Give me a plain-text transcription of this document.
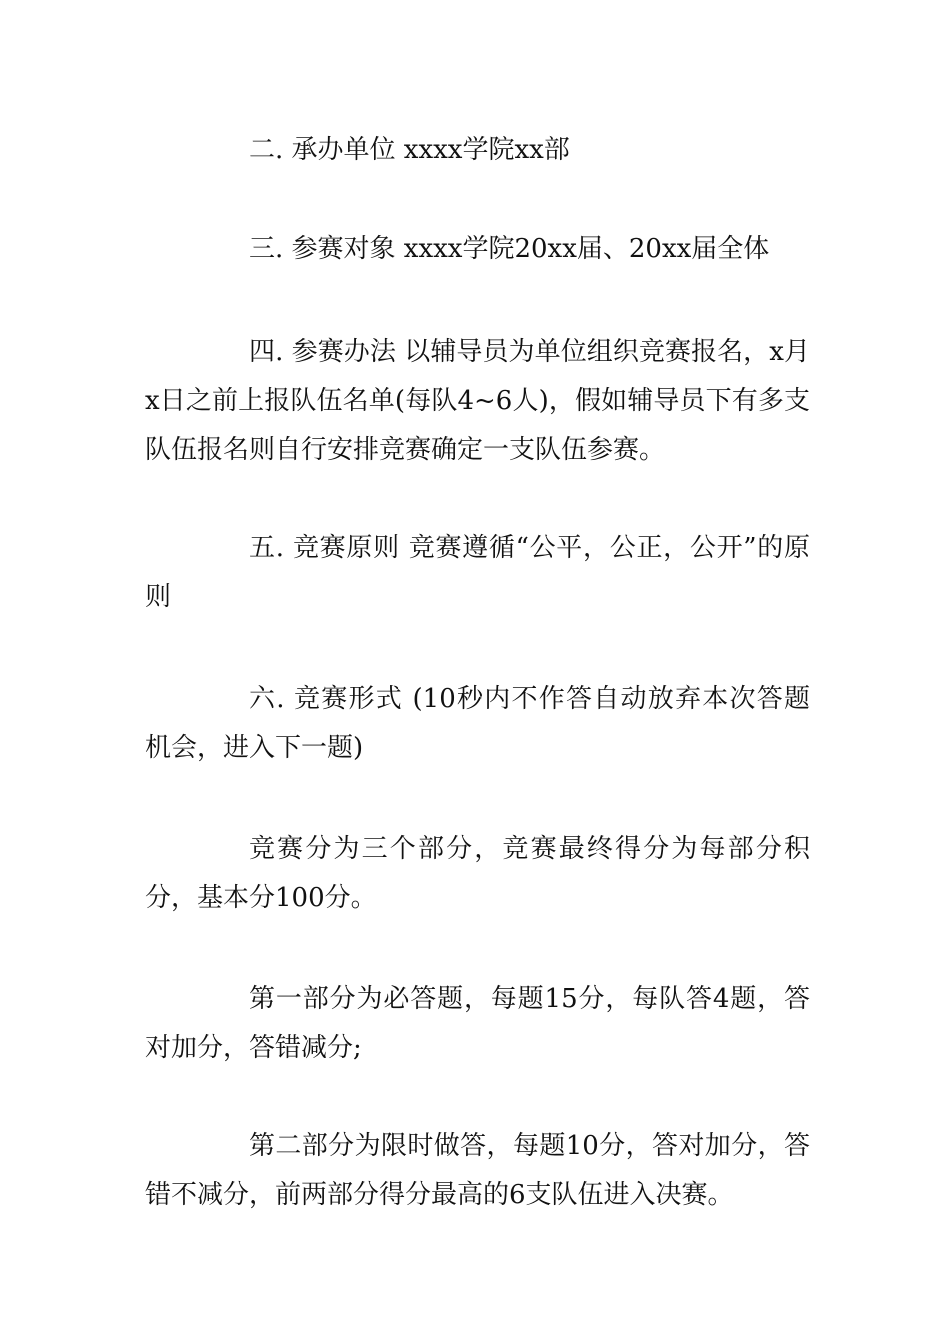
二. 承办单位 xxxx学院xx部

三. 参赛对象 xxxx学院20xx届、20xx届全体

四. 参赛办法 以辅导员为单位组织竞赛报名，x月x日之前上报队伍名单(每队4~6人)，假如辅导员下有多支队伍报名则自行安排竞赛确定一支队伍参赛。

五. 竞赛原则 竞赛遵循“公平，公正，公开”的原则

六. 竞赛形式 (10秒内不作答自动放弃本次答题机会，进入下一题)

竞赛分为三个部分，竞赛最终得分为每部分积分，基本分100分。

第一部分为必答题，每题15分，每队答4题，答对加分，答错减分;

第二部分为限时做答，每题10分，答对加分，答错不减分，前两部分得分最高的6支队伍进入决赛。
